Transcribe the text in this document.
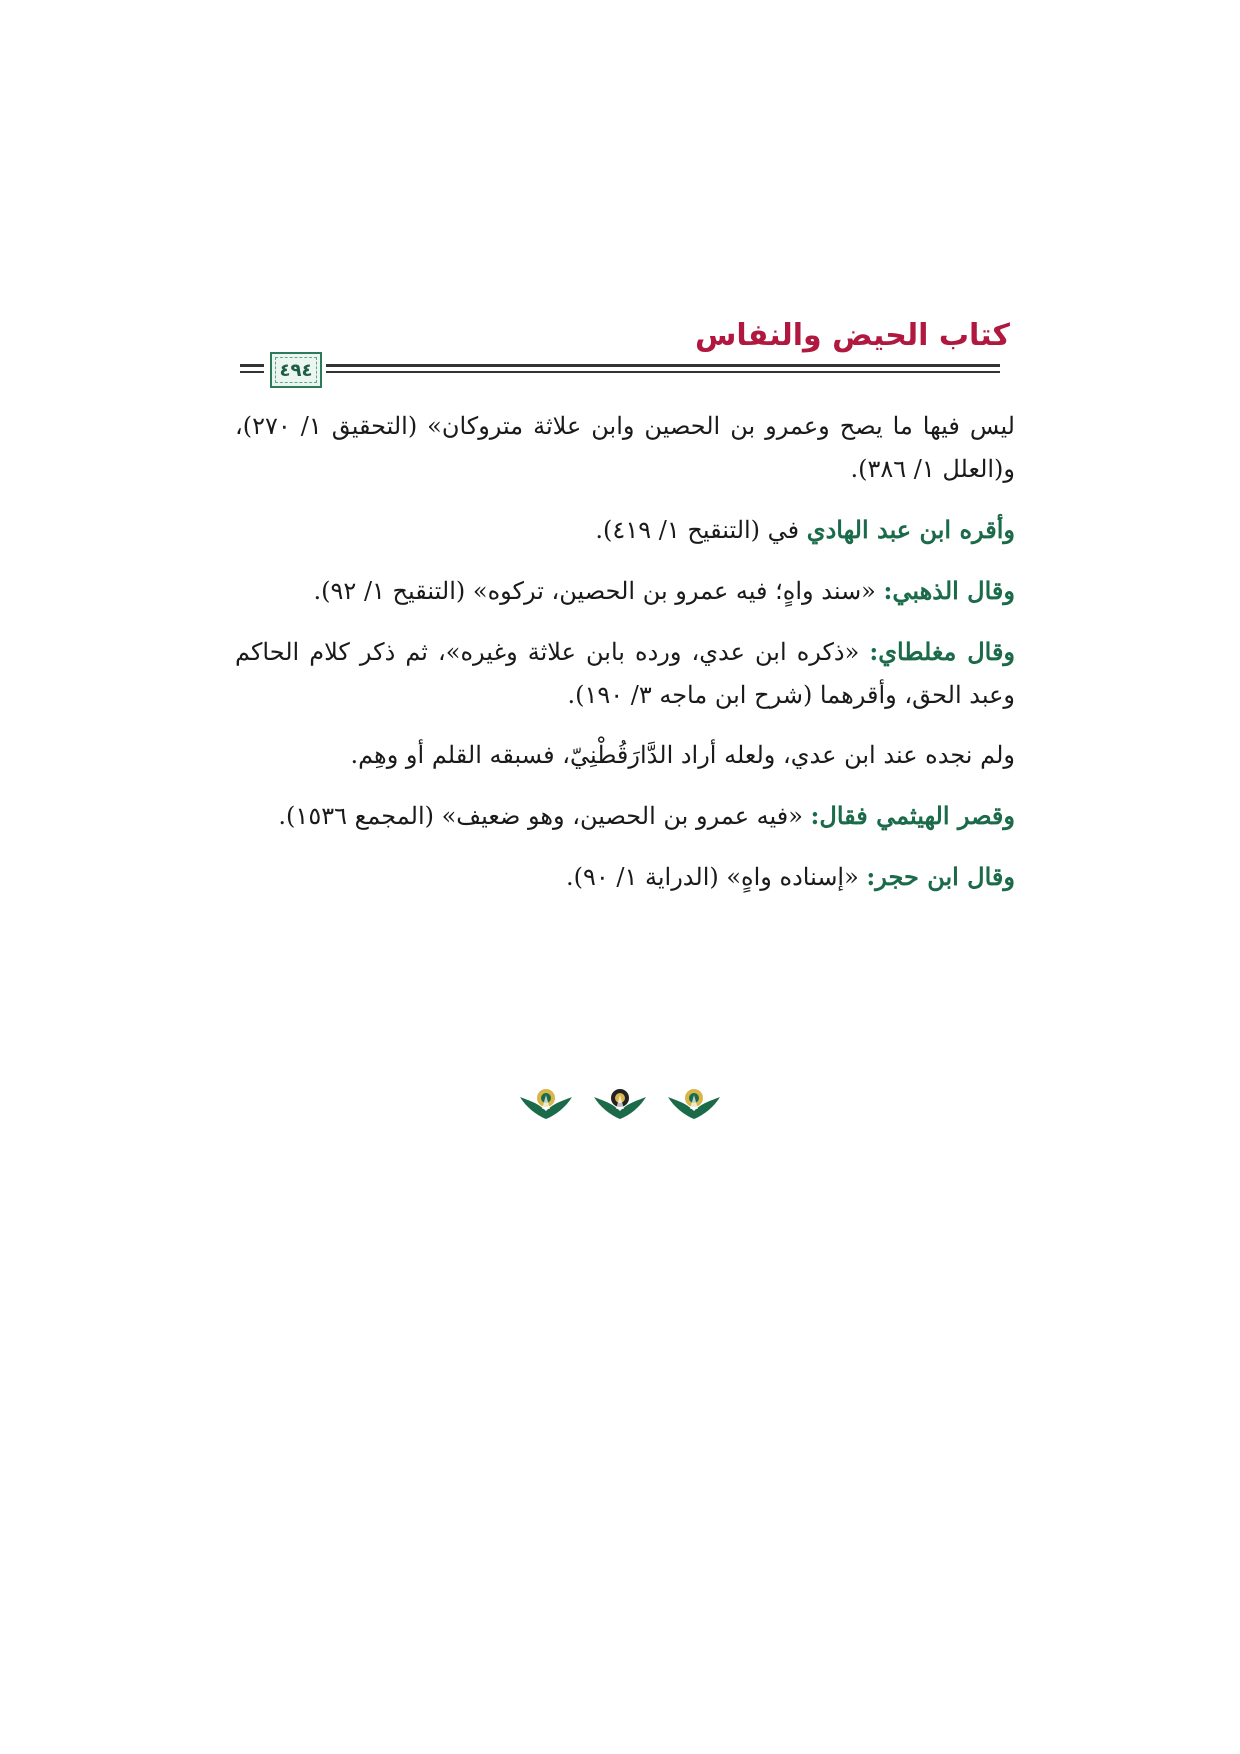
كتاب الحيض والنفاس
٤٩٤

ليس فيها ما يصح وعمرو بن الحصين وابن علاثة متروكان» (التحقيق ١/ ٢٧٠)، و(العلل ١/ ٣٨٦).

وأقره ابن عبد الهادي في (التنقيح ١/ ٤١٩).

وقال الذهبي: «سند واهٍ؛ فيه عمرو بن الحصين، تركوه» (التنقيح ١/ ٩٢).

وقال مغلطاي: «ذكره ابن عدي، ورده بابن علاثة وغيره»، ثم ذكر كلام الحاكم وعبد الحق، وأقرهما (شرح ابن ماجه ٣/ ١٩٠).

ولم نجده عند ابن عدي، ولعله أراد الدَّارَقُطْنِيّ، فسبقه القلم أو وهِم.

وقصر الهيثمي فقال: «فيه عمرو بن الحصين، وهو ضعيف» (المجمع ١٥٣٦).

وقال ابن حجر: «إسناده واهٍ» (الدراية ١/ ٩٠).
